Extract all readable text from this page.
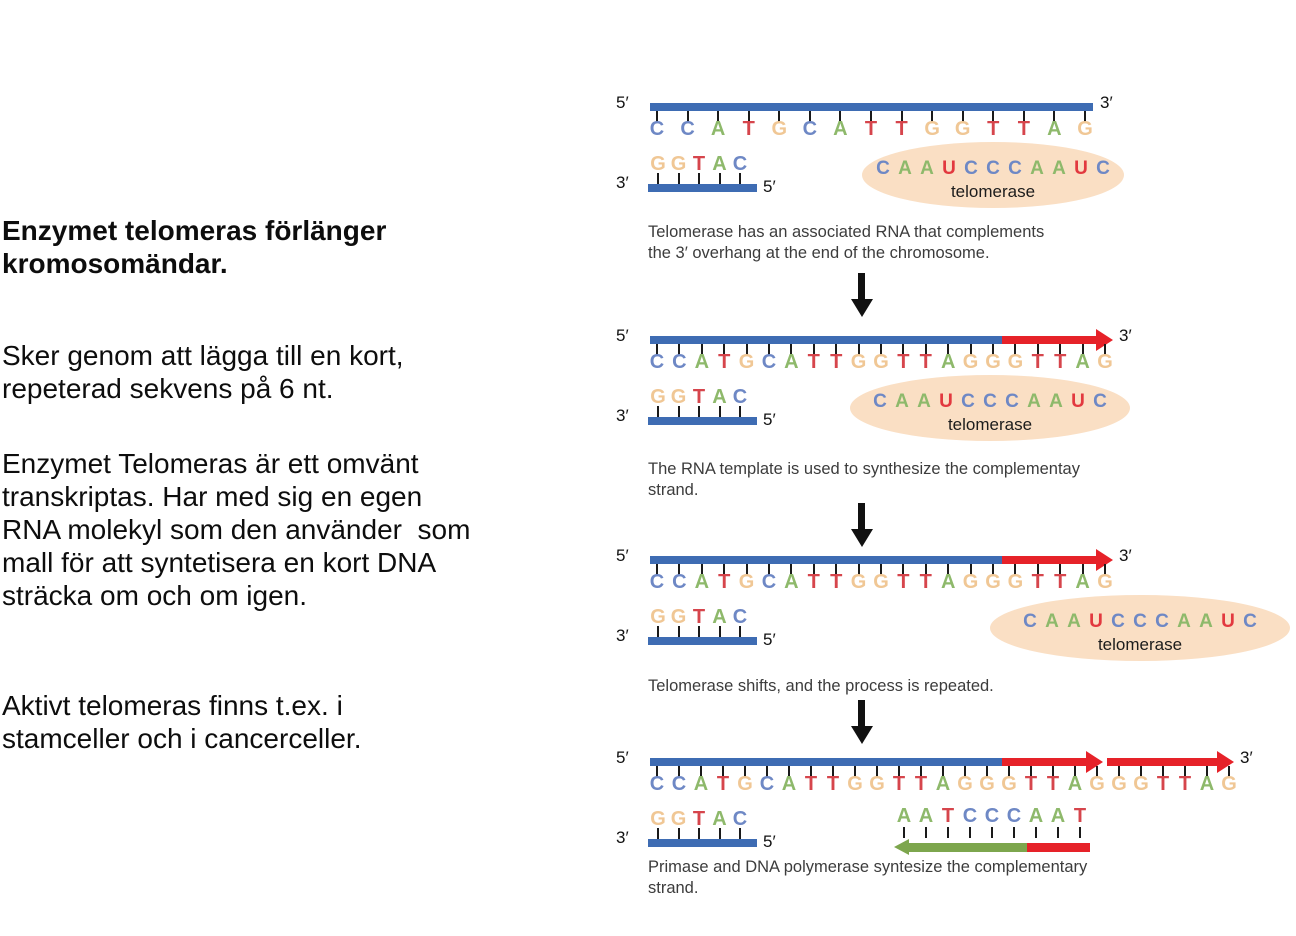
Enzymet telomeras förlänger
kromosomändar.
Sker genom att lägga till en kort,
repeterad sekvens på 6 nt.
Enzymet Telomeras är ett omvänt
transkriptas. Har med sig en egen
RNA molekyl som den använder  som
mall för att syntetisera en kort DNA
sträcka om och om igen.
Aktivt telomeras finns t.ex. i
stamceller och i cancerceller.
C A A U C C C A A U C
telomerase
5′	3′
C C A T G C A T T G G T T A G
G G T A C
3′	5′
Telomerase has an associated RNA that complements
the 3′ overhang at the end of the chromosome.
C A A U C C C A A U C
telomerase
5′	3′
C C A T G C A T T G G T T A G G G T T A G
G G T A C
3′	5′
The RNA template is used to synthesize the complementay
strand.
C A A U C C C A A U C
telomerase
5′	3′
C C A T G C A T T G G T T A G G G T T A G
G G T A C
3′	5′
Telomerase shifts, and the process is repeated.
5′	3′
C C A T G C A T T G G T T A G G G T T A G G G T T A G
G G T A C
3′	5′
A A T C C C A A T
Primase and DNA polymerase syntesize the complementary
strand.
